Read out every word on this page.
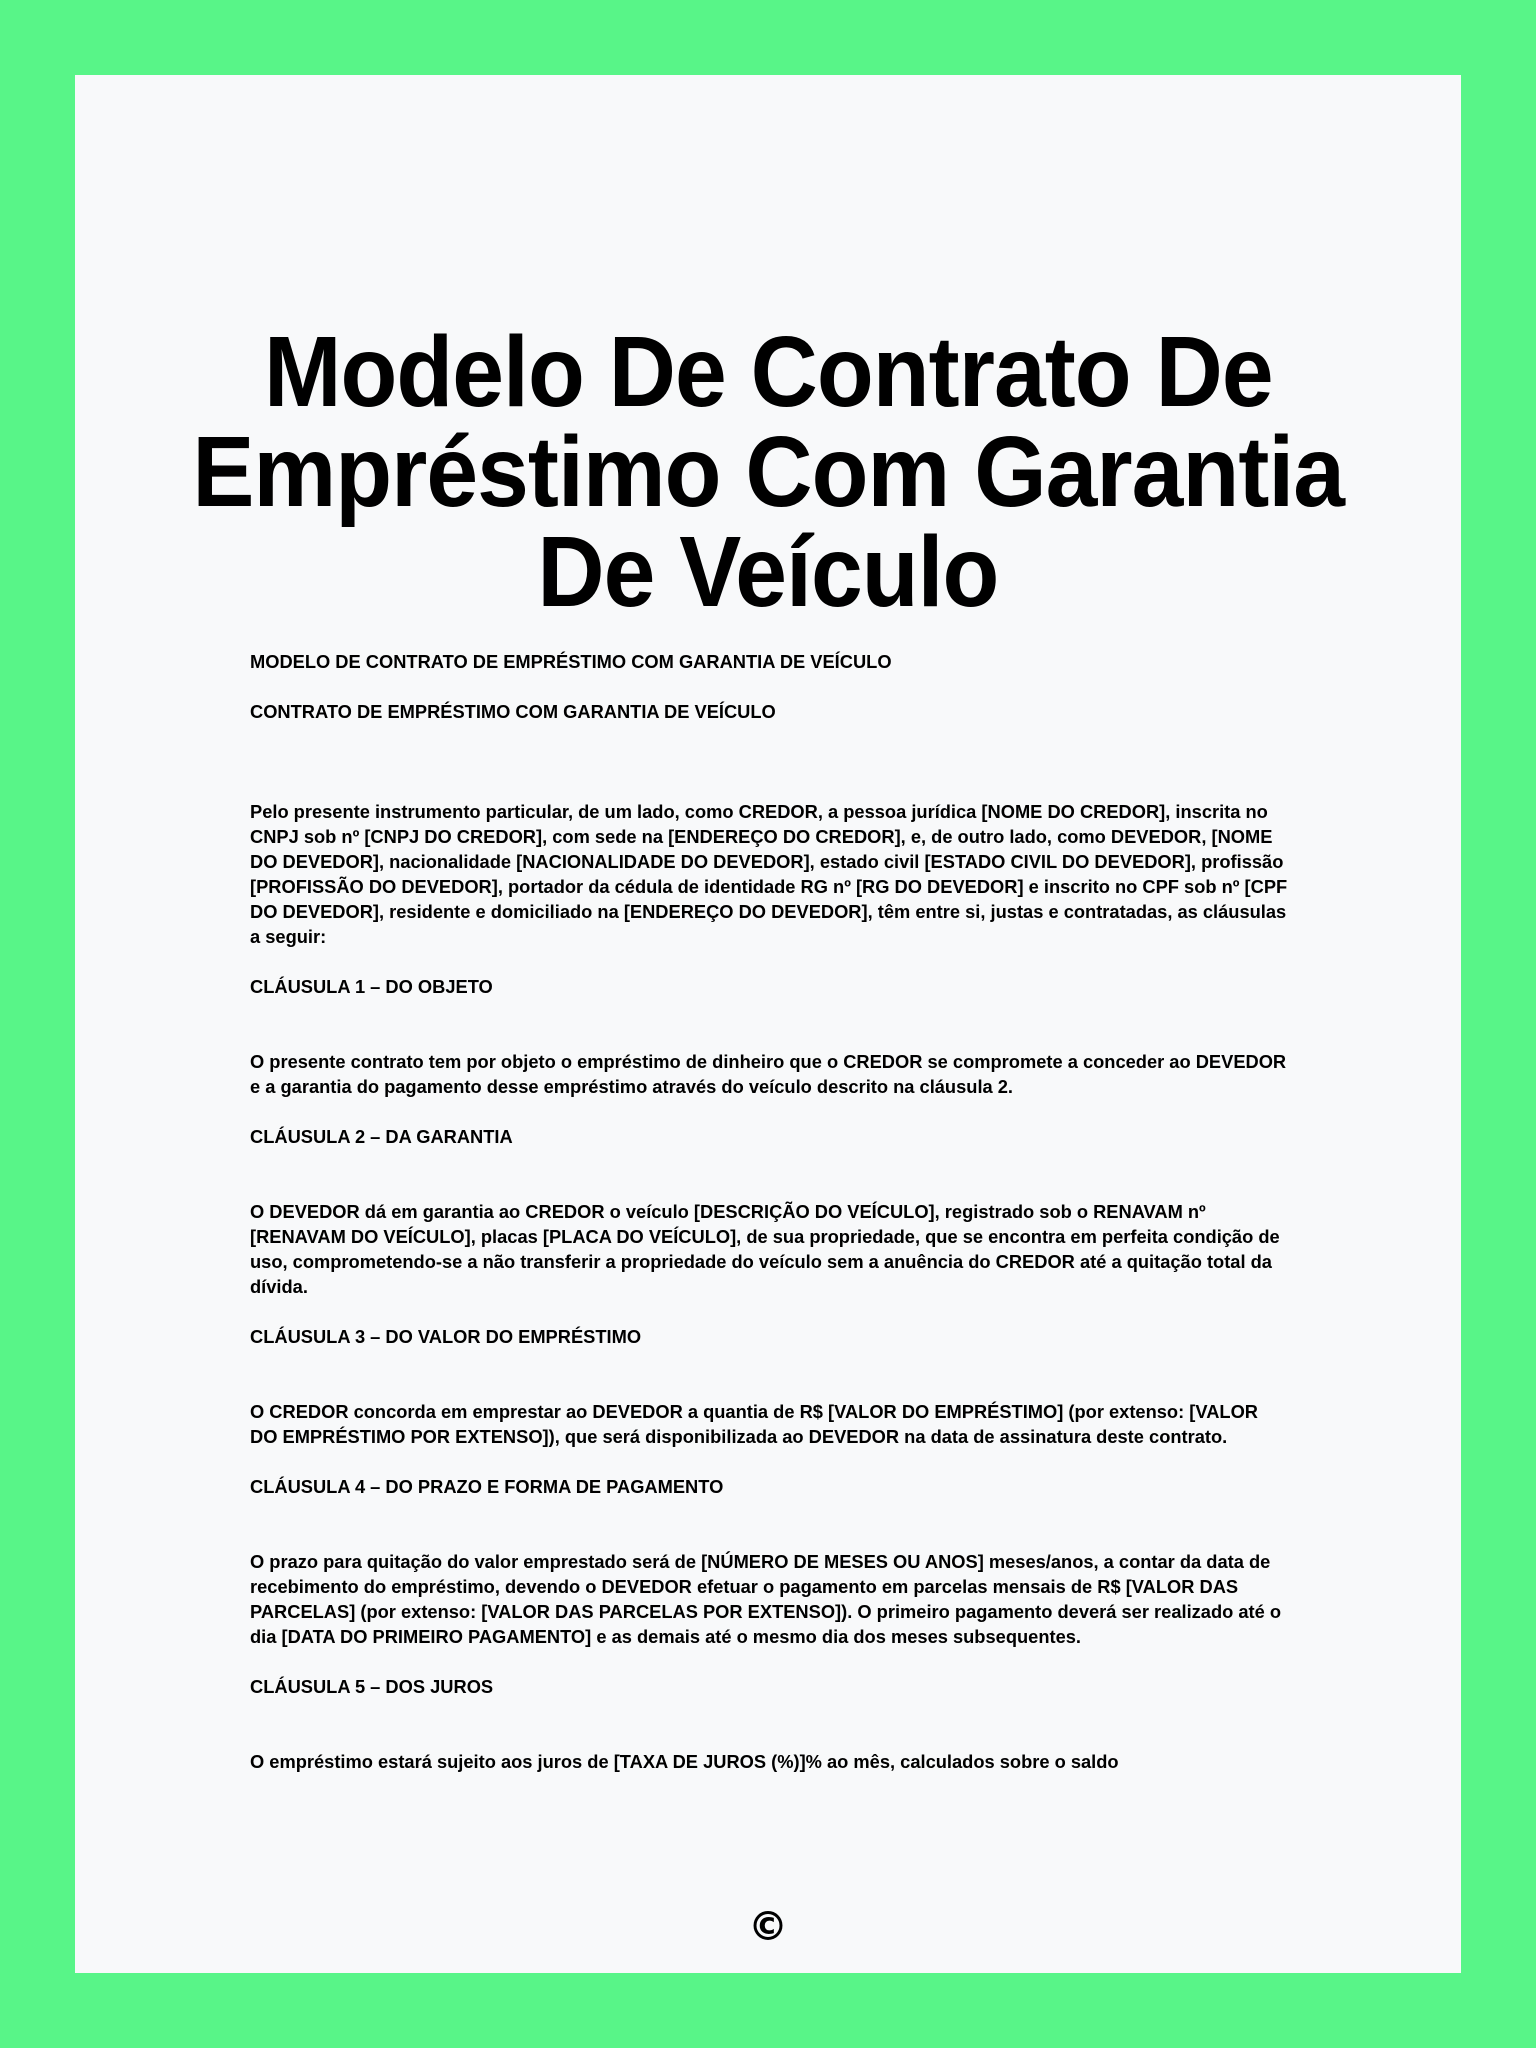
Modelo De Contrato De
Empréstimo Com Garantia
De Veículo

MODELO DE CONTRATO DE EMPRÉSTIMO COM GARANTIA DE VEÍCULO

CONTRATO DE EMPRÉSTIMO COM GARANTIA DE VEÍCULO

Pelo presente instrumento particular, de um lado, como CREDOR, a pessoa jurídica [NOME DO CREDOR], inscrita no CNPJ sob nº [CNPJ DO CREDOR], com sede na [ENDEREÇO DO CREDOR], e, de outro lado, como DEVEDOR, [NOME DO DEVEDOR], nacionalidade [NACIONALIDADE DO DEVEDOR], estado civil [ESTADO CIVIL DO DEVEDOR], profissão [PROFISSÃO DO DEVEDOR], portador da cédula de identidade RG nº [RG DO DEVEDOR] e inscrito no CPF sob nº [CPF DO DEVEDOR], residente e domiciliado na [ENDEREÇO DO DEVEDOR], têm entre si, justas e contratadas, as cláusulas a seguir:

CLÁUSULA 1 – DO OBJETO

O presente contrato tem por objeto o empréstimo de dinheiro que o CREDOR se compromete a conceder ao DEVEDOR e a garantia do pagamento desse empréstimo através do veículo descrito na cláusula 2.

CLÁUSULA 2 – DA GARANTIA

O DEVEDOR dá em garantia ao CREDOR o veículo [DESCRIÇÃO DO VEÍCULO], registrado sob o RENAVAM nº [RENAVAM DO VEÍCULO], placas [PLACA DO VEÍCULO], de sua propriedade, que se encontra em perfeita condição de uso, comprometendo-se a não transferir a propriedade do veículo sem a anuência do CREDOR até a quitação total da dívida.

CLÁUSULA 3 – DO VALOR DO EMPRÉSTIMO

O CREDOR concorda em emprestar ao DEVEDOR a quantia de R$ [VALOR DO EMPRÉSTIMO] (por extenso: [VALOR DO EMPRÉSTIMO POR EXTENSO]), que será disponibilizada ao DEVEDOR na data de assinatura deste contrato.

CLÁUSULA 4 – DO PRAZO E FORMA DE PAGAMENTO

O prazo para quitação do valor emprestado será de [NÚMERO DE MESES OU ANOS] meses/anos, a contar da data de recebimento do empréstimo, devendo o DEVEDOR efetuar o pagamento em parcelas mensais de R$ [VALOR DAS PARCELAS] (por extenso: [VALOR DAS PARCELAS POR EXTENSO]). O primeiro pagamento deverá ser realizado até o dia [DATA DO PRIMEIRO PAGAMENTO] e as demais até o mesmo dia dos meses subsequentes.

CLÁUSULA 5 – DOS JUROS

O empréstimo estará sujeito aos juros de [TAXA DE JUROS (%)]% ao mês, calculados sobre o saldo

©
